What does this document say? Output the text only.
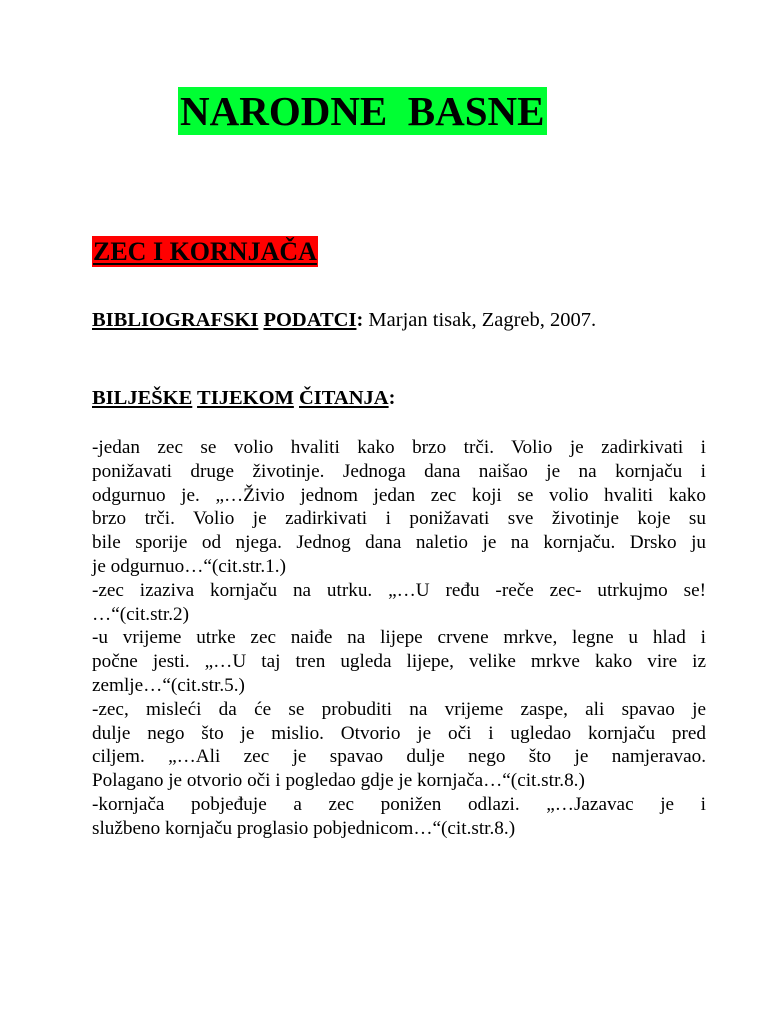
NARODNE  BASNE
ZEC I KORNJAČA

BIBLIOGRAFSKI PODATCI: Marjan tisak, Zagreb, 2007.

BILJEŠKE TIJEKOM ČITANJA:

-jedan zec se volio hvaliti kako brzo trči. Volio je zadirkivati i
ponižavati druge životinje. Jednoga dana naišao je na kornjaču i
odgurnuo je. „…Živio jednom jedan zec koji se volio hvaliti kako
brzo trči. Volio je zadirkivati i ponižavati sve životinje koje su
bile sporije od njega. Jednog dana naletio je na kornjaču. Drsko ju
je odgurnuo…“(cit.str.1.)
-zec izaziva kornjaču na utrku. „…U ređu -reče zec- utrkujmo se!
…“(cit.str.2)
-u vrijeme utrke zec naiđe na lijepe crvene mrkve, legne u hlad i
počne jesti. „…U taj tren ugleda lijepe, velike mrkve kako vire iz
zemlje…“(cit.str.5.)
-zec, misleći da će se probuditi na vrijeme zaspe, ali spavao je
dulje nego što je mislio. Otvorio je oči i ugledao kornjaču pred
ciljem. „…Ali zec je spavao dulje nego što je namjeravao.
Polagano je otvorio oči i pogledao gdje je kornjača…“(cit.str.8.)
-kornjača pobjeđuje a zec ponižen odlazi. „…Jazavac je i
službeno kornjaču proglasio pobjednicom…“(cit.str.8.)
